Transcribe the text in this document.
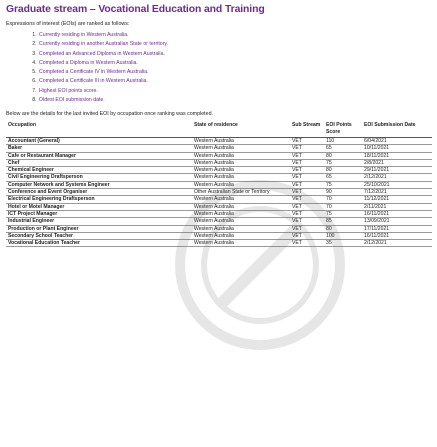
Graduate stream – Vocational Education and Training
Expressions of interest (EOIs) are ranked as follows:
1. Currently residing in Western Australia.
2. Currently residing in another Australian State or territory.
3. Completed an Advanced Diploma in Western Australia.
4. Completed a Diploma in Western Australia.
5. Completed a Certificate IV in Western Australia.
6. Completed a Certificate III in Western Australia.
7. Highest EOI points score.
8. Oldest EOI submission date.
Below are the details for the last invited EOI by occupation once ranking was completed.
Occupation	State of residence	Sub Stream	EOI Points Score	EOI Submission Date
Accountant (General)	Western Australia	VET	110	6/04/2021
Baker	Western Australia	VET	65	10/11/2021
Cafe or Restaurant Manager	Western Australia	VET	80	18/11/2021
Chef	Western Australia	VET	75	2/8/2021
Chemical Engineer	Western Australia	VET	80	29/11/2021
Civil Engineering Draftsperson	Western Australia	VET	65	2/12/2021
Computer Network and Systems Engineer	Western Australia	VET	75	25/10/2021
Conference and Event Organiser	Other Australian State or Territory	VET	90	7/12/2021
Electrical Engineering Draftsperson	Western Australia	VET	70	11/12/2021
Hotel or Motel Manager	Western Australia	VET	70	2/11/2021
ICT Project Manager	Western Australia	VET	75	16/11/2021
Industrial Engineer	Western Australia	VET	85	13/09/2021
Production or Plant Engineer	Western Australia	VET	80	17/11/2021
Secondary School Teacher	Western Australia	VET	100	16/11/2021
Vocational Education Teacher	Western Australia	VET	35	2/12/2021
